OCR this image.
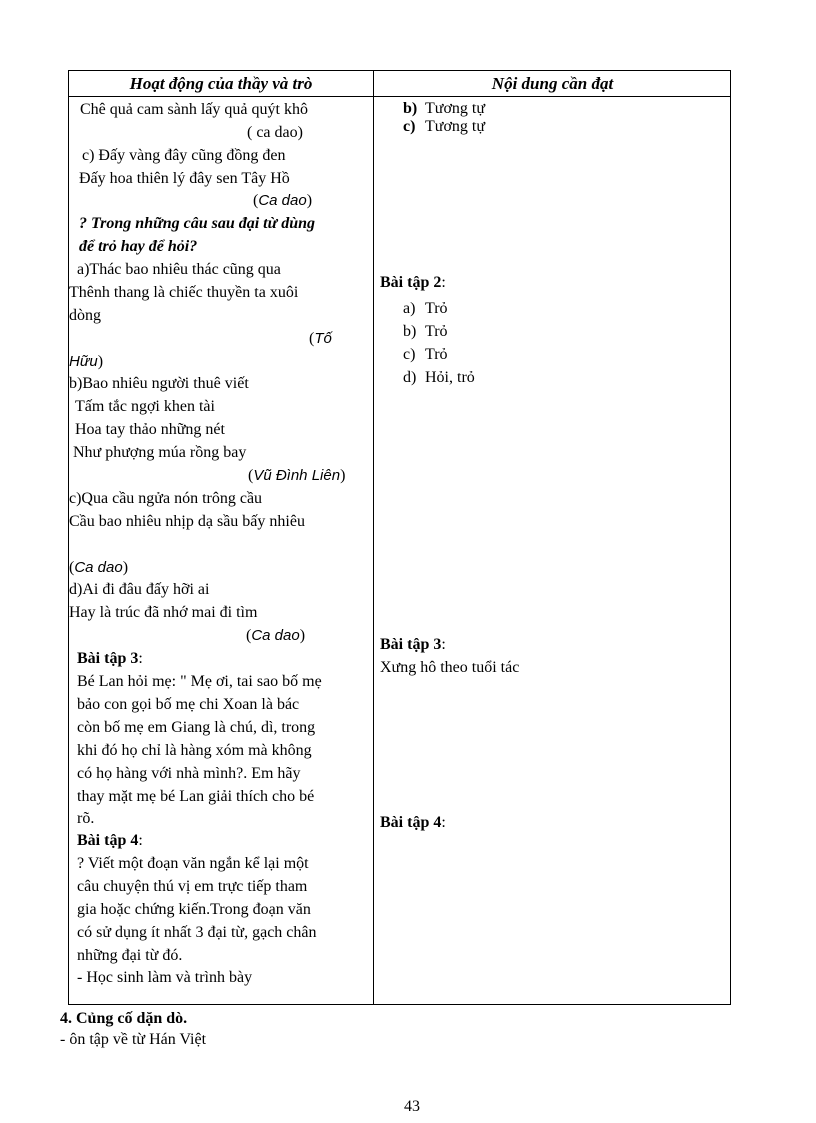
Hoạt động của thầy và trò	Nội dung cần đạt
Chê quả cam sành lấy quả quýt khô
( ca dao)
c) Đấy vàng đây cũng đồng đen
Đấy hoa thiên lý đây sen Tây Hồ
(Ca dao)
? Trong những câu sau đại từ dùng
để trỏ hay để hỏi?
a)Thác bao nhiêu thác cũng qua
Thênh thang là chiếc thuyền ta xuôi
dòng
(Tố
Hữu)
b)Bao nhiêu người thuê viết
Tấm tắc ngợi khen tài
Hoa tay thảo những nét
Như phượng múa rồng bay
(Vũ Đình Liên)
c)Qua cầu ngửa nón trông cầu
Cầu bao nhiêu nhịp dạ sầu bấy nhiêu
(Ca dao)
d)Ai đi đâu đấy hỡi ai
Hay là trúc đã nhớ mai đi tìm
(Ca dao)
Bài tập 3:
Bé Lan hỏi mẹ: " Mẹ ơi, tai sao bố mẹ
bảo con gọi bố mẹ chi Xoan là bác
còn bố mẹ em Giang là chú, dì, trong
khi đó họ chỉ là hàng xóm mà không
có họ hàng với nhà mình?. Em hãy
thay mặt mẹ bé Lan giải thích cho bé
rõ.
Bài tập 4:
? Viết một đoạn văn ngắn kể lại một
câu chuyện thú vị em trực tiếp tham
gia hoặc chứng kiến.Trong đoạn văn
có sử dụng ít nhất 3 đại từ, gạch chân
những đại từ đó.
- Học sinh làm và trình bày
b) Tương tự
c) Tương tự
Bài tập 2:
a) Trỏ
b) Trỏ
c) Trỏ
d) Hỏi, trỏ
Bài tập 3:
Xưng hô theo tuổi tác
Bài tập 4:
4. Củng cố dặn dò.
- ôn tập về từ Hán Việt
43
